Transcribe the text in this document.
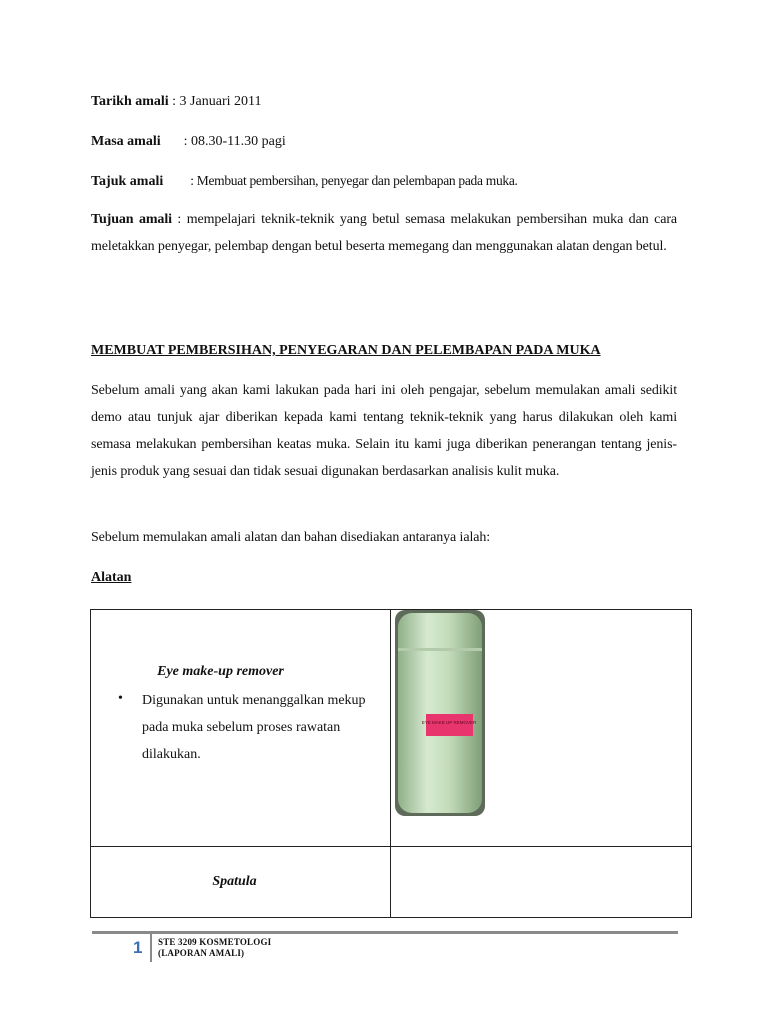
Tarikh amali : 3 Januari 2011
Masa amali : 08.30-11.30 pagi
Tajuk amali : Membuat pembersihan, penyegar dan pelembapan pada muka.
Tujuan amali : mempelajari teknik-teknik yang betul semasa melakukan pembersihan muka dan cara meletakkan penyegar, pelembap dengan betul beserta memegang dan menggunakan alatan dengan betul.
MEMBUAT PEMBERSIHAN, PENYEGARAN DAN PELEMBAPAN PADA MUKA
Sebelum amali yang akan kami lakukan pada hari ini oleh pengajar, sebelum memulakan amali sedikit demo atau tunjuk ajar diberikan kepada kami tentang teknik-teknik yang harus dilakukan oleh kami semasa melakukan pembersihan keatas muka. Selain itu kami juga diberikan penerangan tentang jenis-jenis produk yang sesuai dan tidak sesuai digunakan berdasarkan analisis kulit muka.
Sebelum memulakan amali alatan dan bahan disediakan antaranya ialah:
Alatan
Eye make-up remover
• Digunakan untuk menanggalkan mekup pada muka sebelum proses rawatan dilakukan.	EYE MAKE UP REMOVER

Spatula	

1 STE 3209 KOSMETOLOGI
(LAPORAN AMALI)
